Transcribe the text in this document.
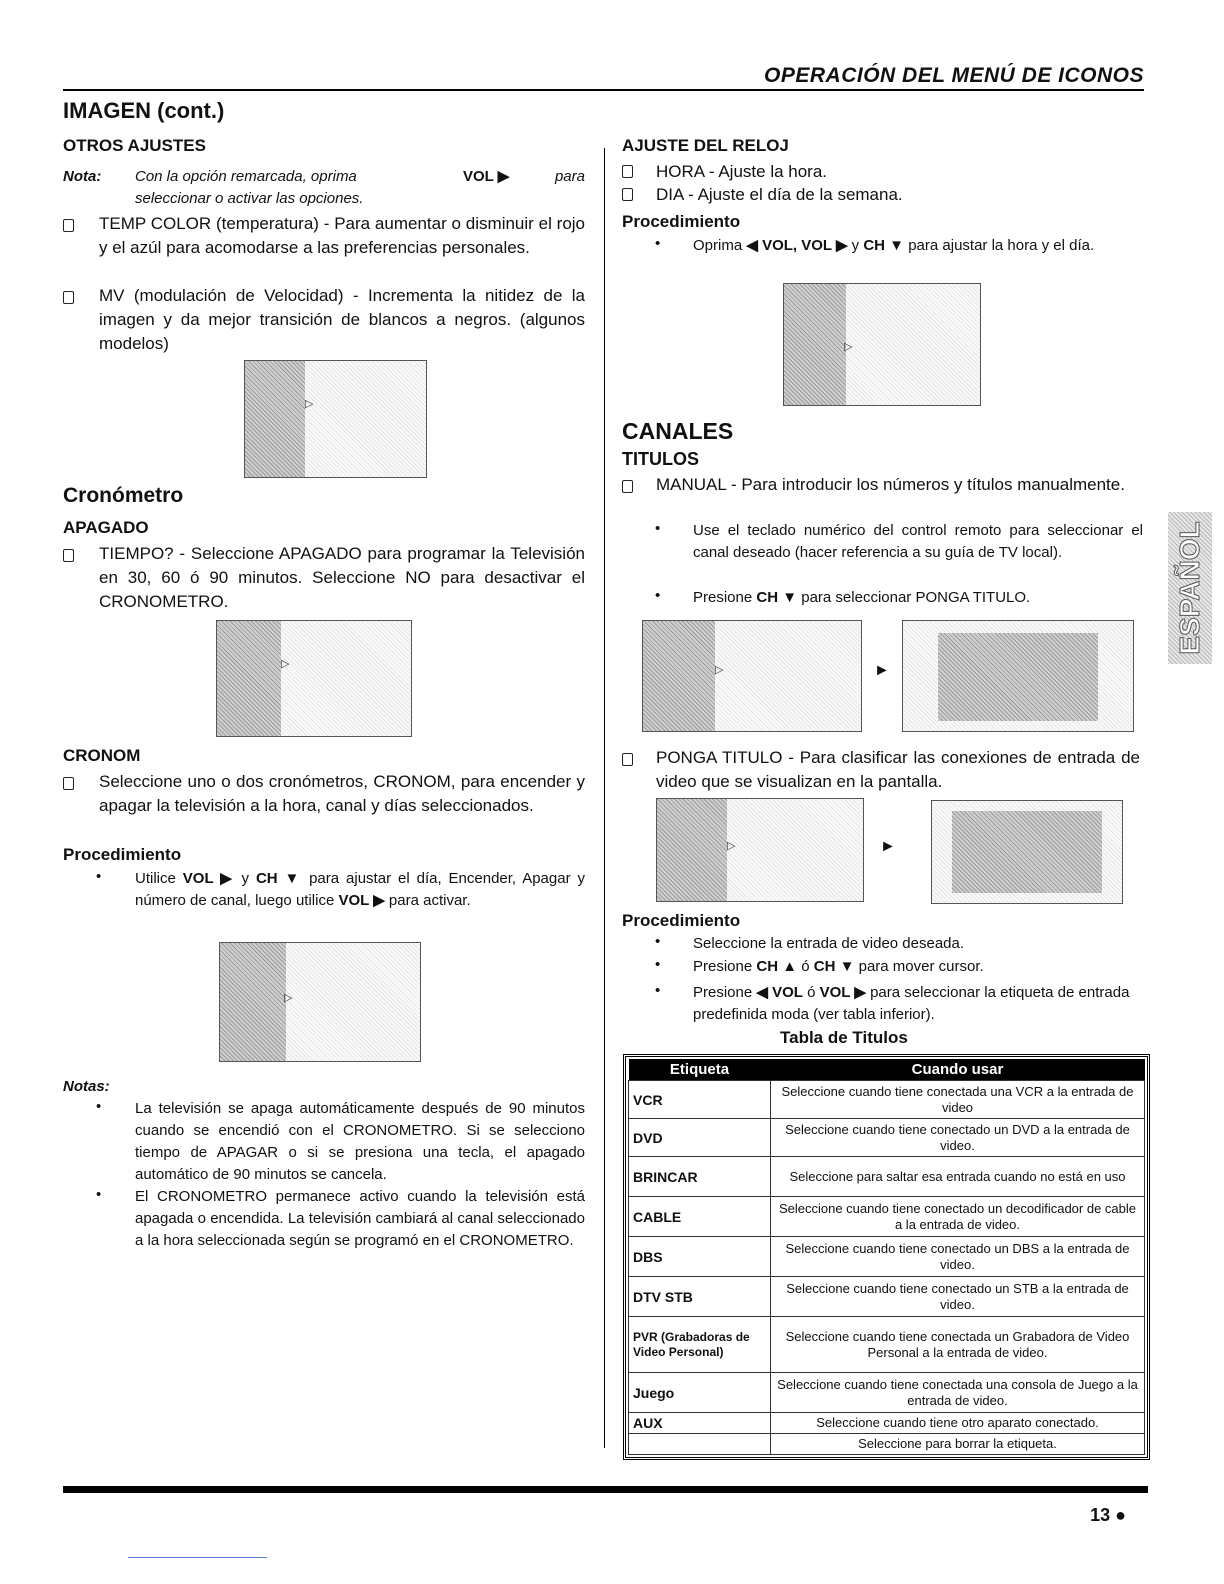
OPERACIÓN DEL MENÚ DE ICONOS
IMAGEN (cont.)
OTROS AJUSTES
Nota: Con la opción remarcada, oprima	VOL ▶	para
seleccionar o activar las opciones.
TEMP COLOR (temperatura) - Para aumentar o disminuir el rojo y el azúl para acomodarse a las preferencias personales.
MV (modulación de Velocidad) - Incrementa la nitidez de la imagen y da mejor transición de blancos a negros. (algunos modelos)
▷
Cronómetro
APAGADO
TIEMPO? - Seleccione APAGADO para programar la Televisión en 30, 60 ó 90 minutos. Seleccione NO para desactivar el CRONOMETRO.
▷
CRONOM
Seleccione uno o dos cronómetros, CRONOM, para encender y apagar la televisión a la hora, canal y días seleccionados.
Procedimiento
• Utilice VOL ▶ y CH ▼ para ajustar el día, Encender, Apagar y número de canal, luego utilice VOL ▶ para activar.
▷
Notas:
• La televisión se apaga automáticamente después de 90 minutos cuando se encendió con el CRONOMETRO. Si se selecciono tiempo de APAGAR o si se presiona una tecla, el apagado automático de 90 minutos se cancela.
• El CRONOMETRO permanece activo cuando la televisión está apagada o encendida. La televisión cambiará al canal seleccionado a la hora seleccionada según se programó en el CRONOMETRO.
AJUSTE DEL RELOJ
HORA - Ajuste la hora.
DIA - Ajuste el día de la semana.
Procedimiento
• Oprima ◀ VOL, VOL ▶ y CH ▼ para ajustar la hora y el día.
▷
CANALES
TITULOS
MANUAL - Para introducir los números y títulos manualmente.
• Use el teclado numérico del control remoto para seleccionar el canal deseado (hacer referencia a su guía de TV local).
• Presione CH ▼ para seleccionar PONGA TITULO.
▷	►
PONGA TITULO - Para clasificar las conexiones de entrada de video que se visualizan en la pantalla.
▷	►
Procedimiento
• Seleccione la entrada de video deseada.
• Presione CH ▲ ó CH ▼ para mover cursor.
• Presione ◀ VOL ó VOL ▶ para seleccionar la etiqueta de entrada predefinida moda (ver tabla inferior).
Tabla de Titulos
Etiqueta	Cuando usar
VCR	Seleccione cuando tiene conectada una VCR a la entrada de video
DVD	Seleccione cuando tiene conectado un DVD a la entrada de video.
BRINCAR	Seleccione para saltar esa entrada cuando no está en uso
CABLE	Seleccione cuando tiene conectado un decodificador de cable a la entrada de video.
DBS	Seleccione cuando tiene conectado un DBS a la entrada de video.
DTV STB	Seleccione cuando tiene conectado un STB a la entrada de video.
PVR (Grabadoras de Video Personal)	Seleccione cuando tiene conectada un Grabadora de Video Personal a la entrada de video.
Juego	Seleccione cuando tiene conectada una consola de Juego a la entrada de video.
AUX	Seleccione cuando tiene otro aparato conectado.
	Seleccione para borrar la etiqueta.
ESPAÑOL
13 ●
